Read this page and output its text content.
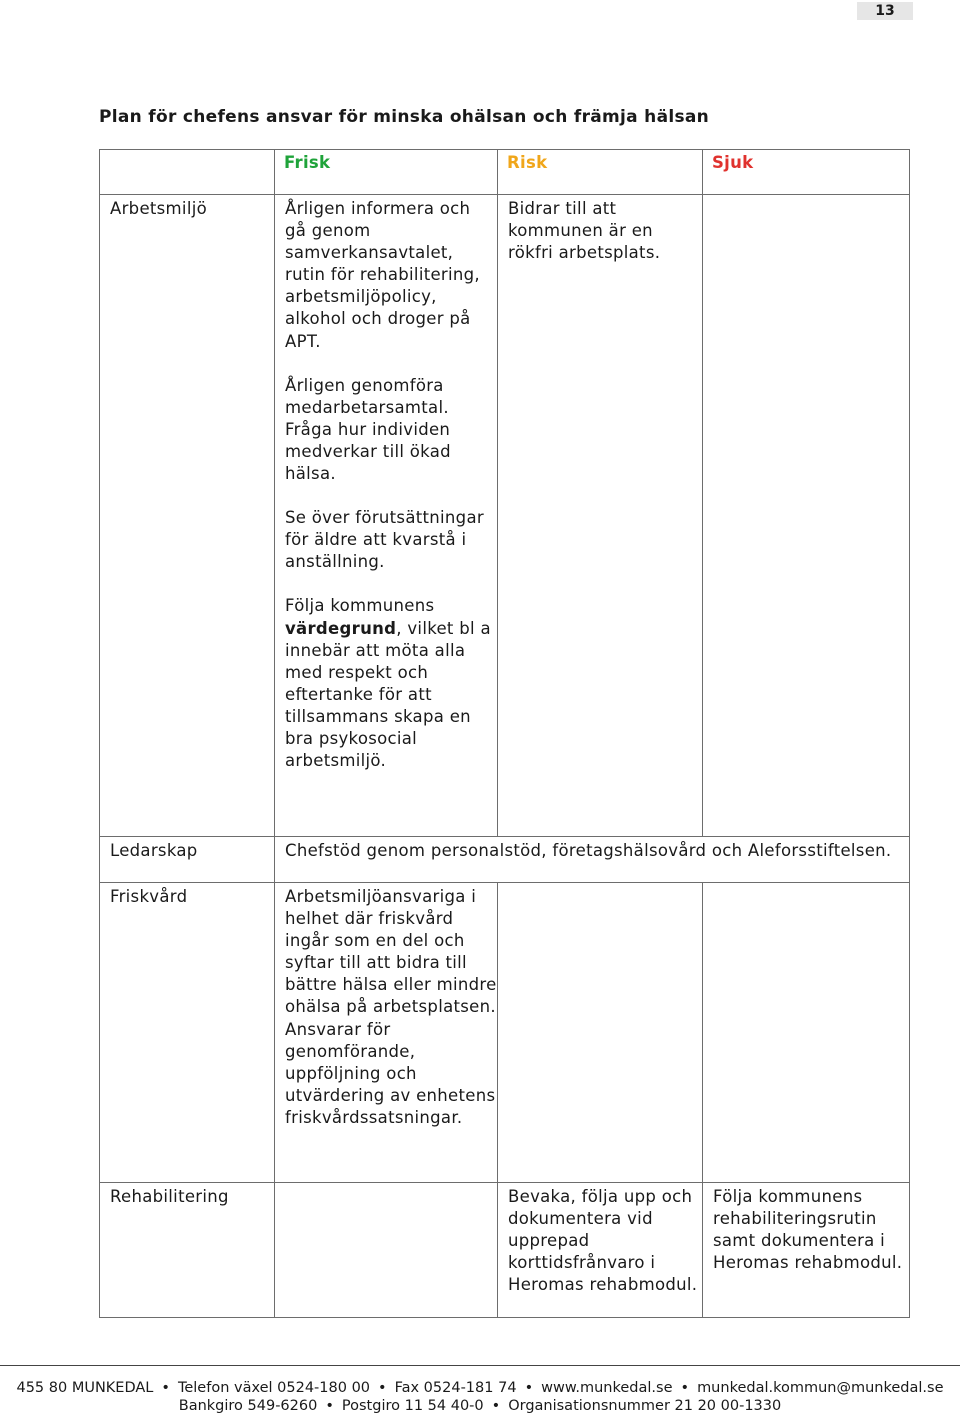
13
Plan för chefens ansvar för minska ohälsan och främja hälsan
	Frisk	Risk	Sjuk
Arbetsmiljö	Årligen informera och gå genom samverkansavtalet, rutin för rehabilitering, arbetsmiljöpolicy, alkohol och droger på APT.
Årligen genomföra medarbetarsamtal. Fråga hur individen medverkar till ökad hälsa.
Se över förutsättningar för äldre att kvarstå i anställning.
Följa kommunens värdegrund, vilket bl a innebär att möta alla med respekt och eftertanke för att tillsammans skapa en bra psykosocial arbetsmiljö.	Bidrar till att kommunen är en rökfri arbetsplats.	
Ledarskap	Chefstöd genom personalstöd, företagshälsovård och Aleforsstiftelsen.		
Friskvård	Arbetsmiljöansvariga i helhet där friskvård ingår som en del och syftar till att bidra till bättre hälsa eller mindre ohälsa på arbetsplatsen. Ansvarar för genomförande, uppföljning och utvärdering av enhetens friskvårdssatsningar.		
Rehabilitering		Bevaka, följa upp och dokumentera vid upprepad korttidsfrånvaro i Heromas rehabmodul.	Följa kommunens rehabiliteringsrutin samt dokumentera i Heromas rehabmodul.
455 80 MUNKEDAL • Telefon växel 0524-180 00 • Fax 0524-181 74 • www.munkedal.se • munkedal.kommun@munkedal.se
Bankgiro 549-6260 • Postgiro 11 54 40-0 • Organisationsnummer 21 20 00-1330
